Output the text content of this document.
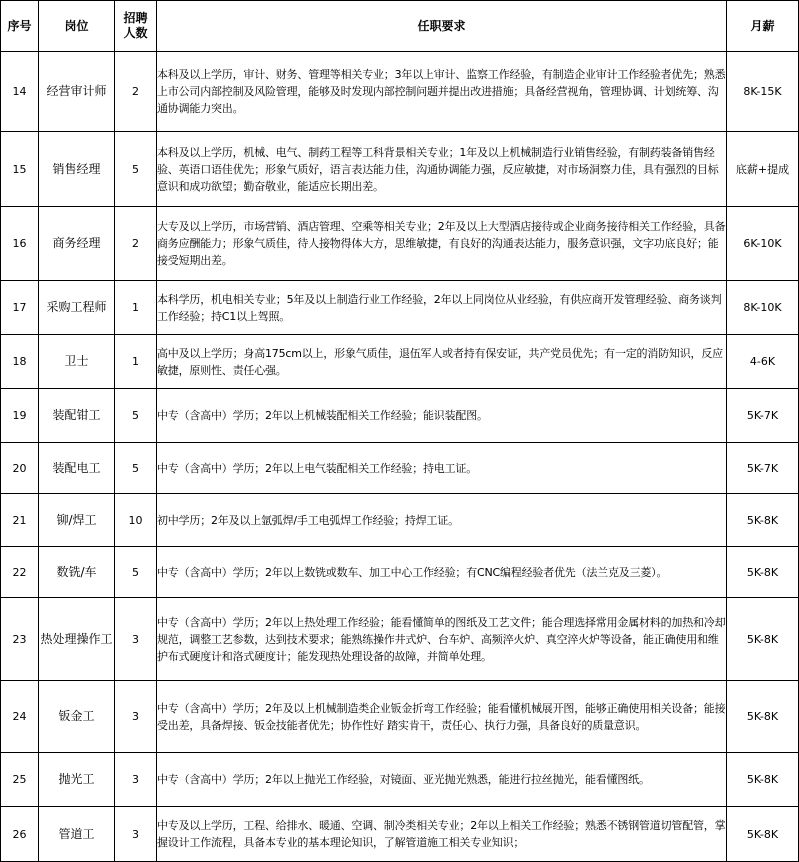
序号	岗位	招聘人数	任职要求	月薪
14	经营审计师	2	本科及以上学历，审计、财务、管理等相关专业；3年以上审计、监察工作经验，有制造企业审计工作经验者优先；熟悉上市公司内部控制及风险管理，能够及时发现内部控制问题并提出改进措施；具备经营视角，管理协调、计划统筹、沟通协调能力突出。	8K-15K
15	销售经理	5	本科及以上学历，机械、电气、制药工程等工科背景相关专业；1年及以上机械制造行业销售经验，有制药装备销售经验、英语口语佳优先；形象气质好，语言表达能力佳，沟通协调能力强，反应敏捷，对市场洞察力佳，具有强烈的目标意识和成功欲望；勤奋敬业，能适应长期出差。	底薪+提成
16	商务经理	2	大专及以上学历，市场营销、酒店管理、空乘等相关专业；2年及以上大型酒店接待或企业商务接待相关工作经验，具备商务应酬能力；形象气质佳，待人接物得体大方，思维敏捷，有良好的沟通表达能力，服务意识强，文字功底良好；能接受短期出差。	6K-10K
17	采购工程师	1	本科学历，机电相关专业；5年及以上制造行业工作经验，2年以上同岗位从业经验，有供应商开发管理经验、商务谈判工作经验；持C1以上驾照。	8K-10K
18	卫士	1	高中及以上学历；身高175cm以上，形象气质佳，退伍军人或者持有保安证，共产党员优先；有一定的消防知识，反应敏捷，原则性、责任心强。	4-6K
19	装配钳工	5	中专（含高中）学历；2年以上机械装配相关工作经验；能识装配图。	5K-7K
20	装配电工	5	中专（含高中）学历；2年以上电气装配相关工作经验；持电工证。	5K-7K
21	铆/焊工	10	初中学历；2年及以上氩弧焊/手工电弧焊工作经验；持焊工证。	5K-8K
22	数铣/车	5	中专（含高中）学历；2年以上数铣或数车、加工中心工作经验；有CNC编程经验者优先（法兰克及三菱）。	5K-8K
23	热处理操作工	3	中专（含高中）学历；2年以上热处理工作经验；能看懂简单的图纸及工艺文件；能合理选择常用金属材料的加热和冷却规范，调整工艺参数，达到技术要求；能熟练操作井式炉、台车炉、高频淬火炉、真空淬火炉等设备，能正确使用和维护布式硬度计和洛式硬度计；能发现热处理设备的故障，并简单处理。	5K-8K
24	钣金工	3	中专（含高中）学历；2年及以上机械制造类企业钣金折弯工作经验；能看懂机械展开图，能够正确使用相关设备；能接受出差，具备焊接、钣金技能者优先；协作性好 踏实肯干，责任心、执行力强，具备良好的质量意识。	5K-8K
25	抛光工	3	中专（含高中）学历；2年以上抛光工作经验，对镜面、亚光抛光熟悉，能进行拉丝抛光，能看懂图纸。	5K-8K
26	管道工	3	中专及以上学历，工程、给排水、暖通、空调、制冷类相关专业；2年以上相关工作经验；熟悉不锈钢管道切管配管，掌握设计工作流程，具备本专业的基本理论知识，了解管道施工相关专业知识；	5K-8K
